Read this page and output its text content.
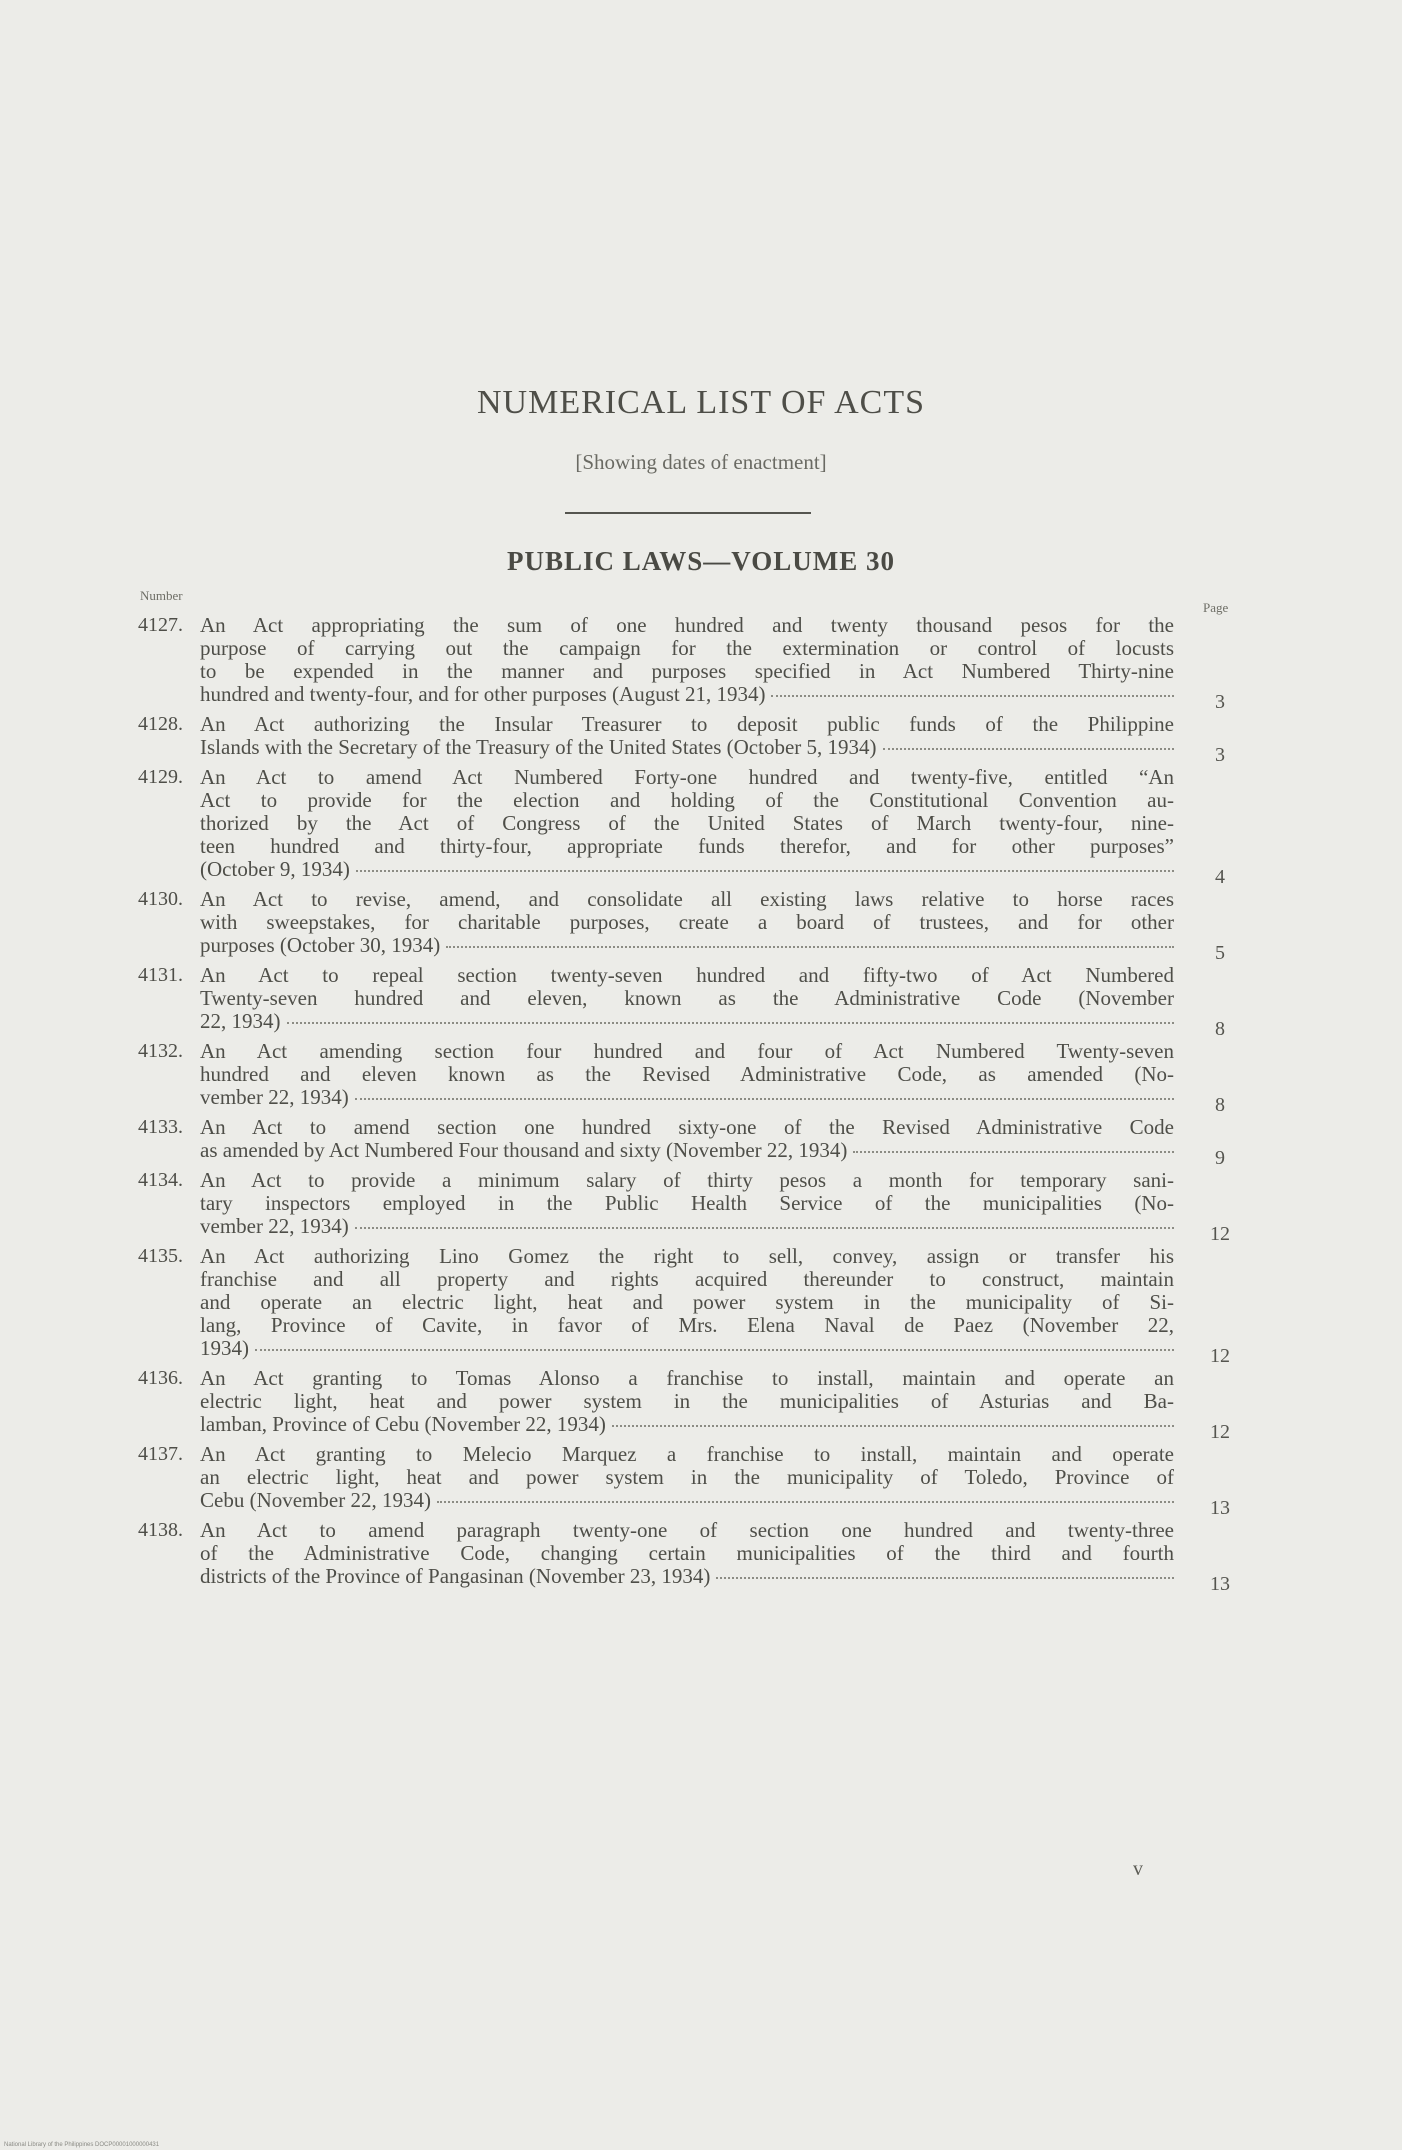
NUMERICAL LIST OF ACTS
[Showing dates of enactment]
PUBLIC LAWS—VOLUME 30
Number
Page
4127. An Act appropriating the sum of one hundred and twenty thousand pesos for the

purpose of carrying out the campaign for the extermination or control of locusts

to be expended in the manner and purposes specified in Act Numbered Thirty-nine

hundred and twenty-four, and for other purposes (August 21, 1934)	3
4128. An Act authorizing the Insular Treasurer to deposit public funds of the Philippine

Islands with the Secretary of the Treasury of the United States (October 5, 1934)	3
4129. An Act to amend Act Numbered Forty-one hundred and twenty-five, entitled “An

Act to provide for the election and holding of the Constitutional Convention au-

thorized by the Act of Congress of the United States of March twenty-four, nine-

teen hundred and thirty-four, appropriate funds therefor, and for other purposes”

(October 9, 1934)	4
4130. An Act to revise, amend, and consolidate all existing laws relative to horse races

with sweepstakes, for charitable purposes, create a board of trustees, and for other

purposes (October 30, 1934)	5
4131. An Act to repeal section twenty-seven hundred and fifty-two of Act Numbered

Twenty-seven hundred and eleven, known as the Administrative Code (November

22, 1934)	8
4132. An Act amending section four hundred and four of Act Numbered Twenty-seven

hundred and eleven known as the Revised Administrative Code, as amended (No-

vember 22, 1934)	8
4133. An Act to amend section one hundred sixty-one of the Revised Administrative Code

as amended by Act Numbered Four thousand and sixty (November 22, 1934)	9
4134. An Act to provide a minimum salary of thirty pesos a month for temporary sani-

tary inspectors employed in the Public Health Service of the municipalities (No-

vember 22, 1934)	12
4135. An Act authorizing Lino Gomez the right to sell, convey, assign or transfer his

franchise and all property and rights acquired thereunder to construct, maintain

and operate an electric light, heat and power system in the municipality of Si-

lang, Province of Cavite, in favor of Mrs. Elena Naval de Paez (November 22,

1934)	12
4136. An Act granting to Tomas Alonso a franchise to install, maintain and operate an

electric light, heat and power system in the municipalities of Asturias and Ba-

lamban, Province of Cebu (November 22, 1934)	12
4137. An Act granting to Melecio Marquez a franchise to install, maintain and operate

an electric light, heat and power system in the municipality of Toledo, Province of

Cebu (November 22, 1934)	13
4138. An Act to amend paragraph twenty-one of section one hundred and twenty-three

of the Administrative Code, changing certain municipalities of the third and fourth

districts of the Province of Pangasinan (November 23, 1934)	13
v
National Library of the Philippines DOCP00001000000431
